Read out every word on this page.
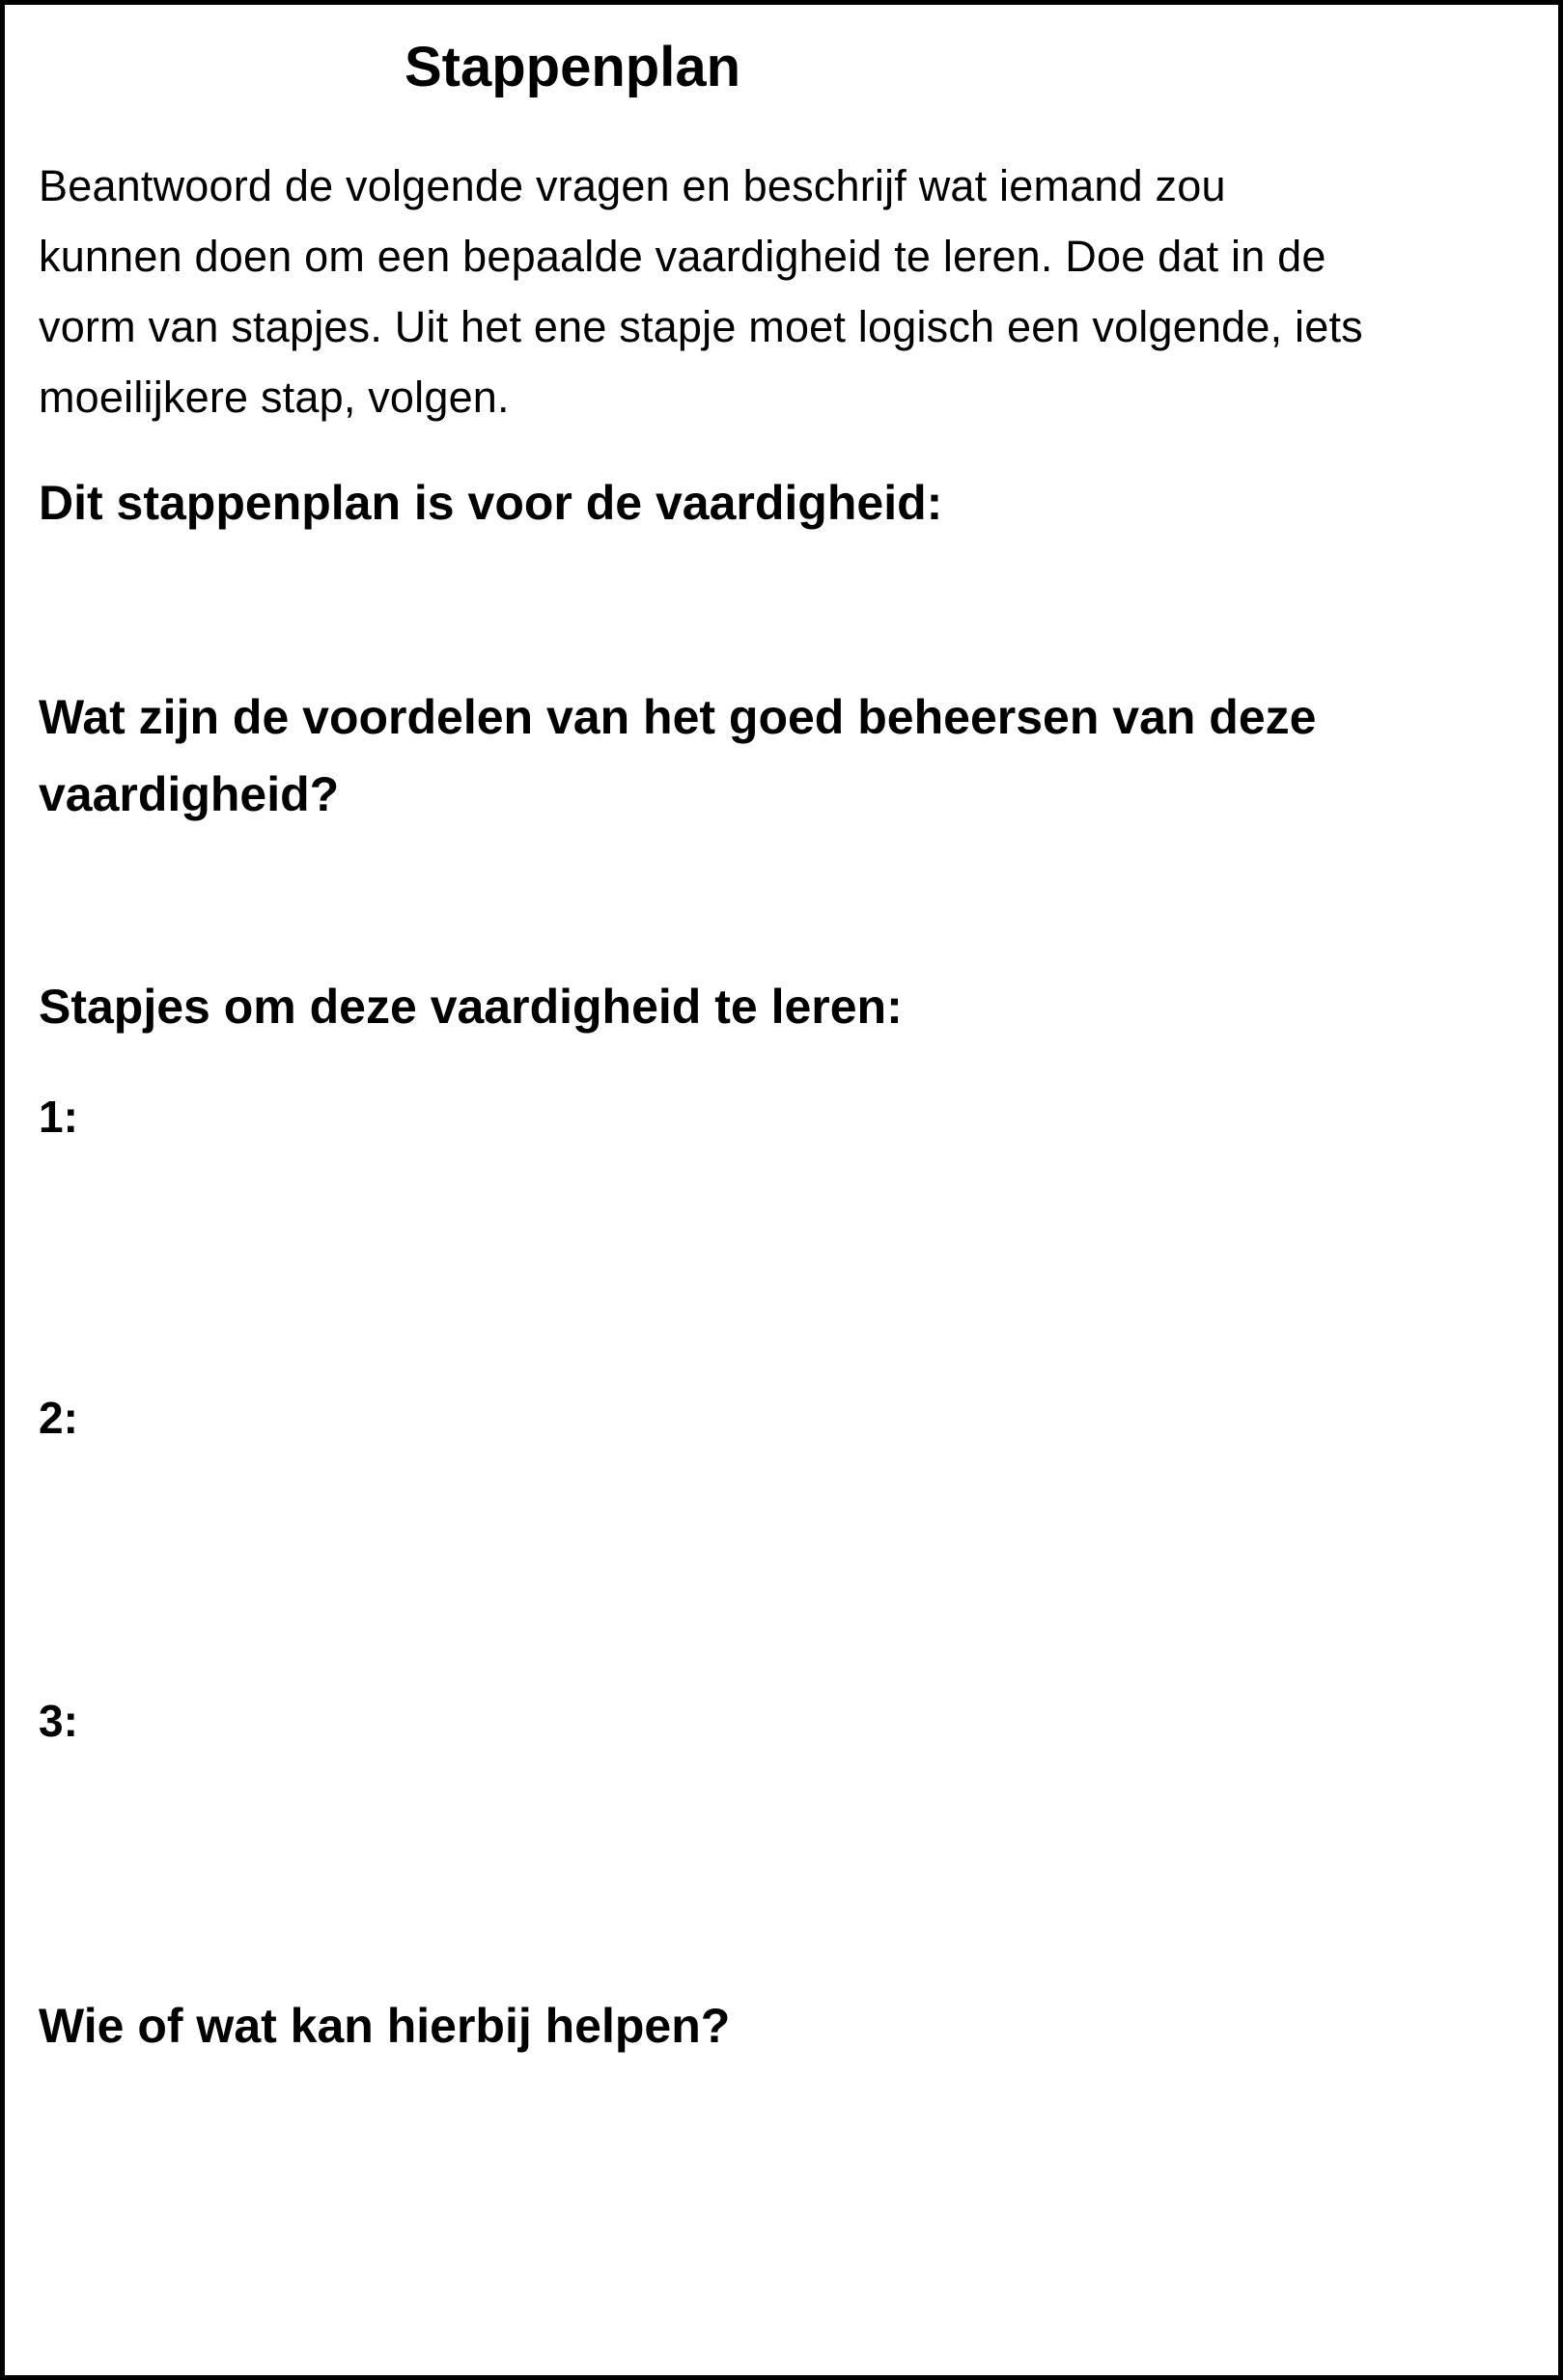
Stappenplan

Beantwoord de volgende vragen en beschrijf wat iemand zou
kunnen doen om een bepaalde vaardigheid te leren. Doe dat in de
vorm van stapjes. Uit het ene stapje moet logisch een volgende, iets
moeilijkere stap, volgen.

Dit stappenplan is voor de vaardigheid:
Wat zijn de voordelen van het goed beheersen van deze
vaardigheid?
Stapjes om deze vaardigheid te leren:
1:
2:
3:
Wie of wat kan hierbij helpen?
